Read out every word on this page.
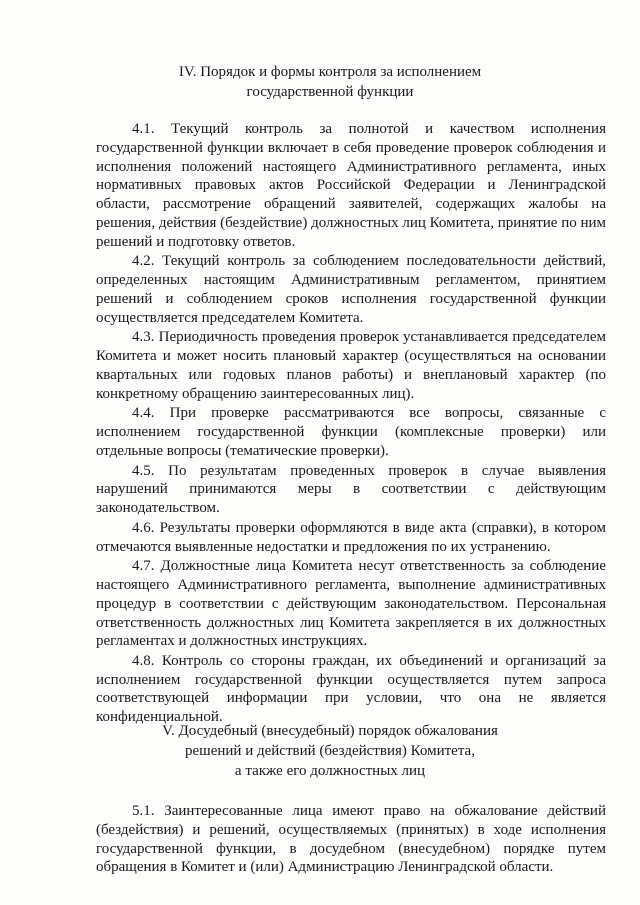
IV. Порядок и формы контроля за исполнением
государственной функции

4.1. Текущий контроль за полнотой и качеством исполнения государственной функции включает в себя проведение проверок соблюдения и исполнения положений настоящего Административного регламента, иных нормативных правовых актов Российской Федерации и Ленинградской области, рассмотрение обращений заявителей, содержащих жалобы на решения, действия (бездействие) должностных лиц Комитета, принятие по ним решений и подготовку ответов.

4.2. Текущий контроль за соблюдением последовательности действий, определенных настоящим Административным регламентом, принятием решений и соблюдением сроков исполнения государственной функции осуществляется председателем Комитета.

4.3. Периодичность проведения проверок устанавливается председателем Комитета и может носить плановый характер (осуществляться на основании квартальных или годовых планов работы) и внеплановый характер (по конкретному обращению заинтересованных лиц).

4.4. При проверке рассматриваются все вопросы, связанные с исполнением государственной функции (комплексные проверки) или отдельные вопросы (тематические проверки).

4.5. По результатам проведенных проверок в случае выявления нарушений принимаются меры в соответствии с действующим законодательством.

4.6. Результаты проверки оформляются в виде акта (справки), в котором отмечаются выявленные недостатки и предложения по их устранению.

4.7. Должностные лица Комитета несут ответственность за соблюдение настоящего Административного регламента, выполнение административных процедур в соответствии с действующим законодательством. Персональная ответственность должностных лиц Комитета закрепляется в их должностных регламентах и должностных инструкциях.

4.8. Контроль со стороны граждан, их объединений и организаций за исполнением государственной функции осуществляется путем запроса соответствующей информации при условии, что она не является конфиденциальной.

V. Досудебный (внесудебный) порядок обжалования
решений и действий (бездействия) Комитета,
а также его должностных лиц

5.1. Заинтересованные лица имеют право на обжалование действий (бездействия) и решений, осуществляемых (принятых) в ходе исполнения государственной функции, в досудебном (внесудебном) порядке путем обращения в Комитет и (или) Администрацию Ленинградской области.
